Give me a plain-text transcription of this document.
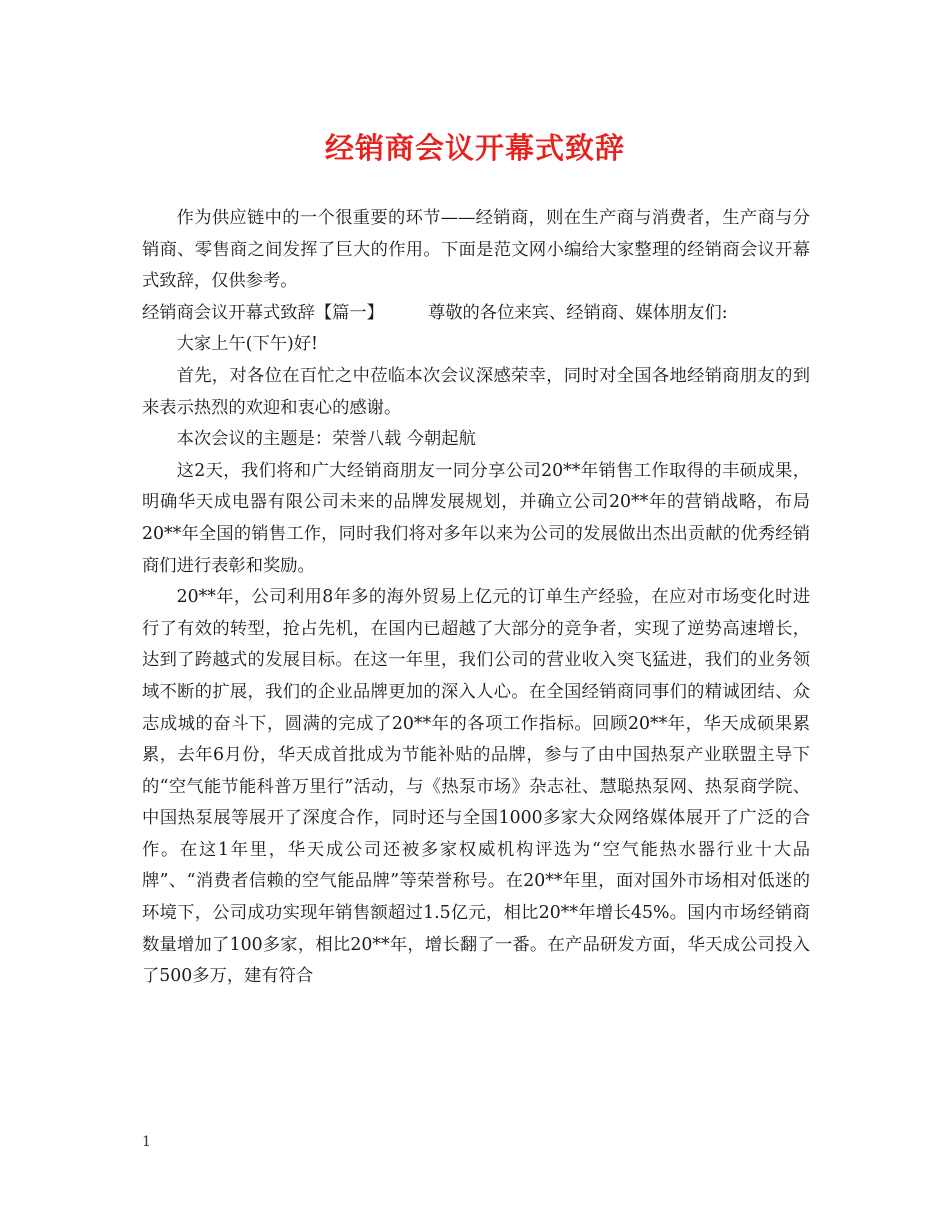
经销商会议开幕式致辞

作为供应链中的一个很重要的环节——经销商，则在生产商与消费者，生产商与分销商、零售商之间发挥了巨大的作用。下面是范文网小编给大家整理的经销商会议开幕式致辞，仅供参考。

经销商会议开幕式致辞【篇一】	尊敬的各位来宾、经销商、媒体朋友们:

大家上午(下午)好!

首先，对各位在百忙之中莅临本次会议深感荣幸，同时对全国各地经销商朋友的到来表示热烈的欢迎和衷心的感谢。

本次会议的主题是：荣誉八载 今朝起航

这2天，我们将和广大经销商朋友一同分享公司20**年销售工作取得的丰硕成果，明确华天成电器有限公司未来的品牌发展规划，并确立公司20**年的营销战略，布局20**年全国的销售工作，同时我们将对多年以来为公司的发展做出杰出贡献的优秀经销商们进行表彰和奖励。

20**年，公司利用8年多的海外贸易上亿元的订单生产经验，在应对市场变化时进行了有效的转型，抢占先机，在国内已超越了大部分的竞争者，实现了逆势高速增长，达到了跨越式的发展目标。在这一年里，我们公司的营业收入突飞猛进，我们的业务领域不断的扩展，我们的企业品牌更加的深入人心。在全国经销商同事们的精诚团结、众志成城的奋斗下，圆满的完成了20**年的各项工作指标。回顾20**年，华天成硕果累累，去年6月份，华天成首批成为节能补贴的品牌，参与了由中国热泵产业联盟主导下的“空气能节能科普万里行”活动，与《热泵市场》杂志社、慧聪热泵网、热泵商学院、中国热泵展等展开了深度合作，同时还与全国1000多家大众网络媒体展开了广泛的合作。在这1年里，华天成公司还被多家权威机构评选为“空气能热水器行业十大品牌”、“消费者信赖的空气能品牌”等荣誉称号。在20**年里，面对国外市场相对低迷的环境下，公司成功实现年销售额超过1.5亿元，相比20**年增长45%。国内市场经销商数量增加了100多家，相比20**年，增长翻了一番。在产品研发方面，华天成公司投入了500多万，建有符合

1
